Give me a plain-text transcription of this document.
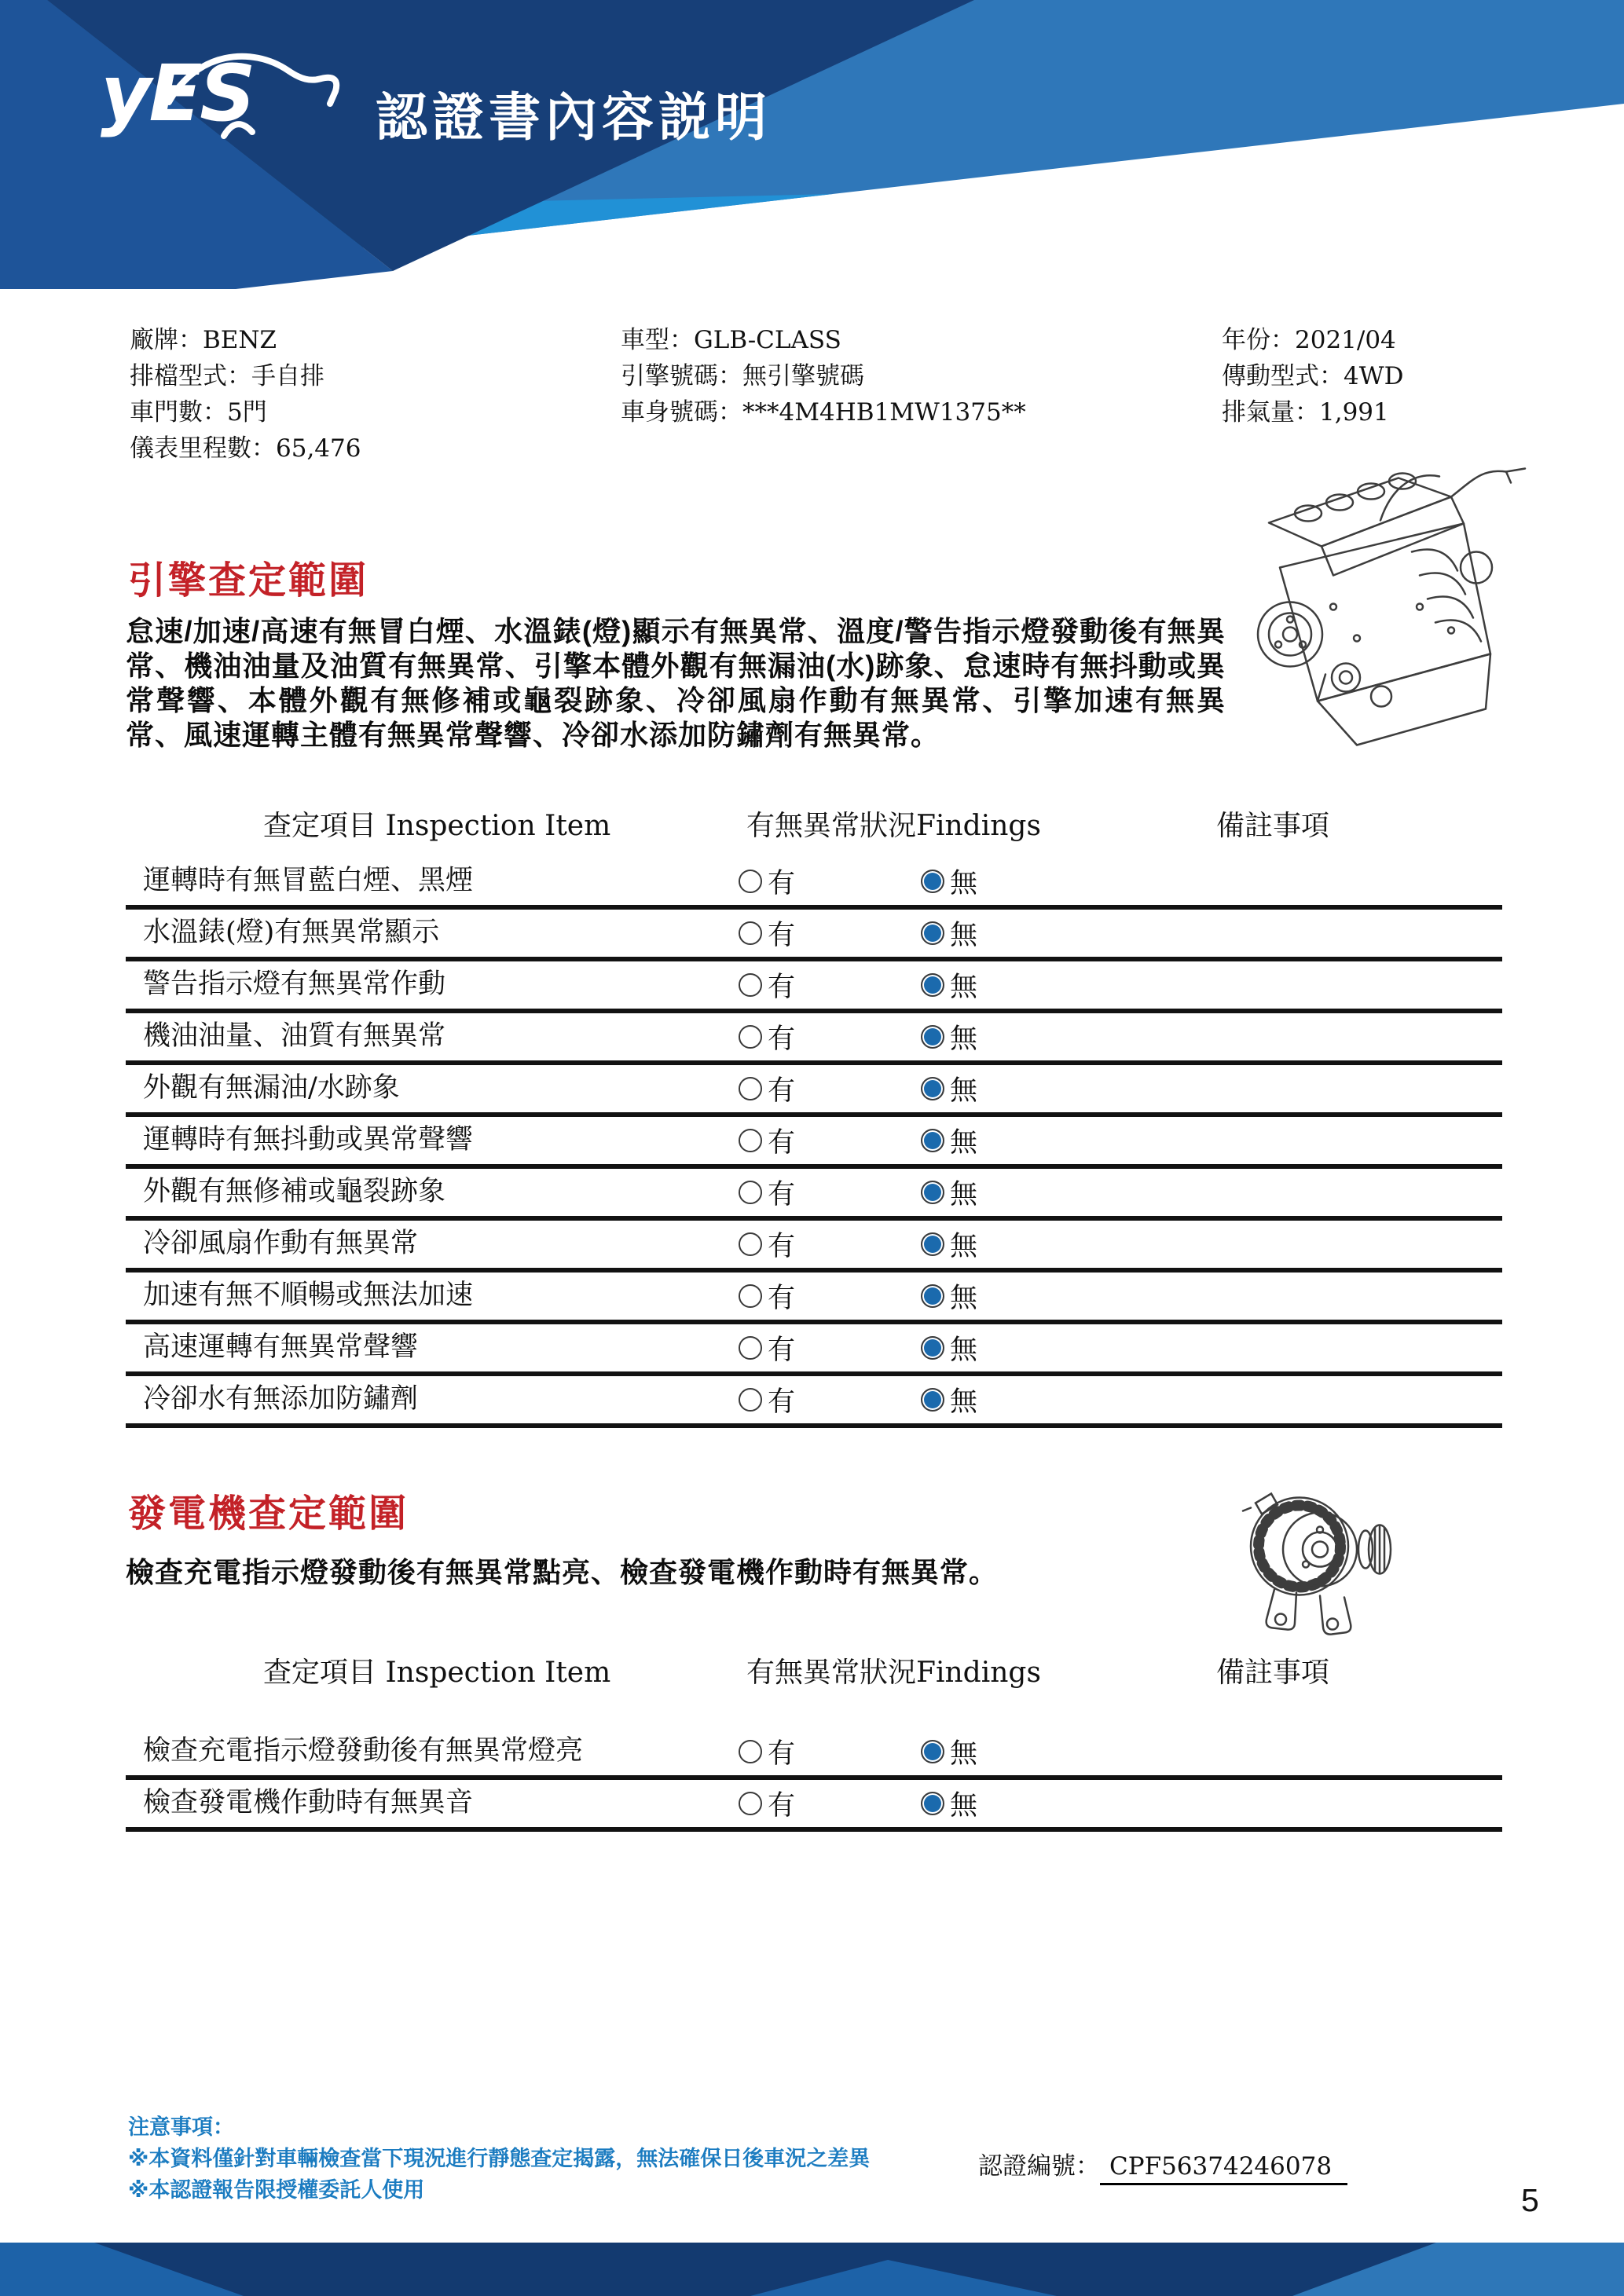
yES 認證書內容説明
廠牌：BENZ
排檔型式：手自排
車門數：5門
儀表里程數：65,476
車型：GLB-CLASS
引擎號碼：無引擎號碼
車身號碼：***4M4HB1MW1375**
年份：2021/04
傳動型式：4WD
排氣量：1,991
引擎查定範圍
怠速/加速/高速有無冒白煙、水溫錶(燈)顯示有無異常、溫度/警告指示燈發動後有無異常、機油油量及油質有無異常、引擎本體外觀有無漏油(水)跡象、怠速時有無抖動或異常聲響、本體外觀有無修補或龜裂跡象、冷卻風扇作動有無異常、引擎加速有無異常、風速運轉主體有無異常聲響、冷卻水添加防鏽劑有無異常。
查定項目 Inspection Item	有無異常狀況Findings	備註事項
運轉時有無冒藍白煙、黑煙	有	無
水溫錶(燈)有無異常顯示	有	無
警告指示燈有無異常作動	有	無
機油油量、油質有無異常	有	無
外觀有無漏油/水跡象	有	無
運轉時有無抖動或異常聲響	有	無
外觀有無修補或龜裂跡象	有	無
冷卻風扇作動有無異常	有	無
加速有無不順暢或無法加速	有	無
高速運轉有無異常聲響	有	無
冷卻水有無添加防鏽劑	有	無
發電機查定範圍
檢查充電指示燈發動後有無異常點亮、檢查發電機作動時有無異常。
查定項目 Inspection Item	有無異常狀況Findings	備註事項
檢查充電指示燈發動後有無異常燈亮	有	無
檢查發電機作動時有無異音	有	無
注意事項：
※本資料僅針對車輛檢查當下現況進行靜態查定揭露，無法確保日後車況之差異
※本認證報告限授權委託人使用
認證編號： CPF56374246078
5
